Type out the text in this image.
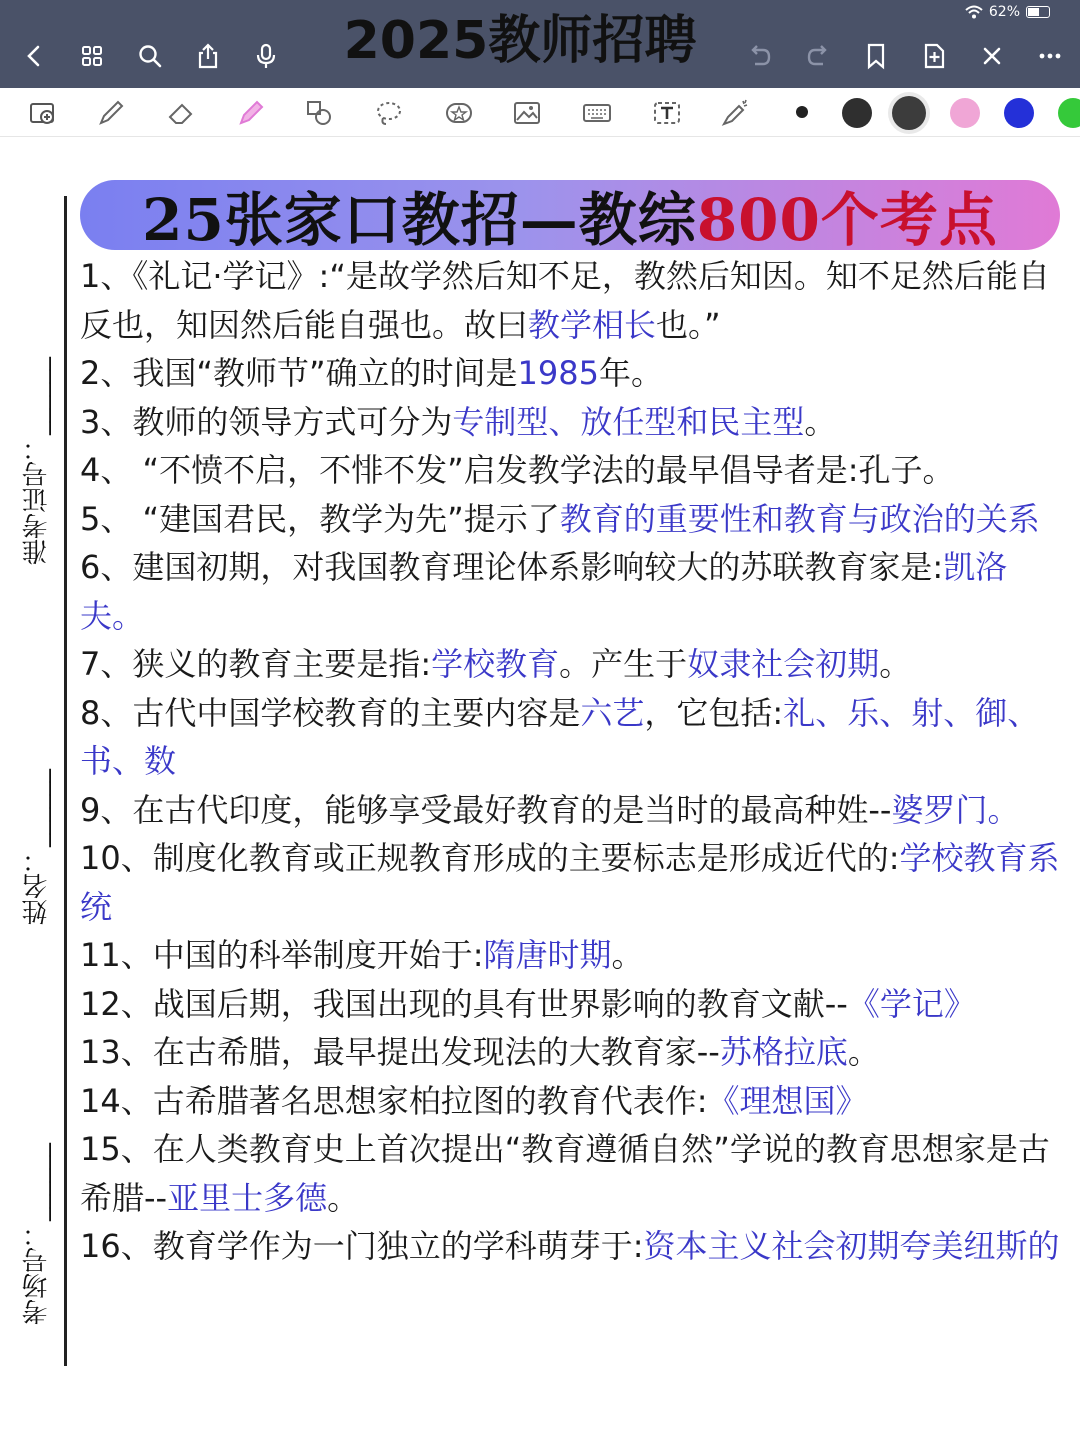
62%
2025教师招聘
准考证号：______
姓名：______
考场号：______
25张家口教招—教综800个考点
1、《礼记·学记》:“是故学然后知不足，教然后知因。知不足然后能自反也，知因然后能自强也。故曰教学相长也。”
2、我国“教师节”确立的时间是1985年。
3、教师的领导方式可分为专制型、放任型和民主型。
4、 “不愤不启，不悱不发”启发教学法的最早倡导者是:孔子。
5、 “建国君民，教学为先”提示了教育的重要性和教育与政治的关系
6、建国初期，对我国教育理论体系影响较大的苏联教育家是:凯洛夫。
7、狭义的教育主要是指:学校教育。产生于奴隶社会初期。
8、古代中国学校教育的主要内容是六艺，它包括:礼、乐、射、御、书、数
9、在古代印度，能够享受最好教育的是当时的最高种姓--婆罗门。
10、制度化教育或正规教育形成的主要标志是形成近代的:学校教育系统
11、中国的科举制度开始于:隋唐时期。
12、战国后期，我国出现的具有世界影响的教育文献--《学记》
13、在古希腊，最早提出发现法的大教育家--苏格拉底。
14、古希腊著名思想家柏拉图的教育代表作:《理想国》
15、在人类教育史上首次提出“教育遵循自然”学说的教育思想家是古希腊--亚里士多德。
16、教育学作为一门独立的学科萌芽于:资本主义社会初期夸美纽斯的
